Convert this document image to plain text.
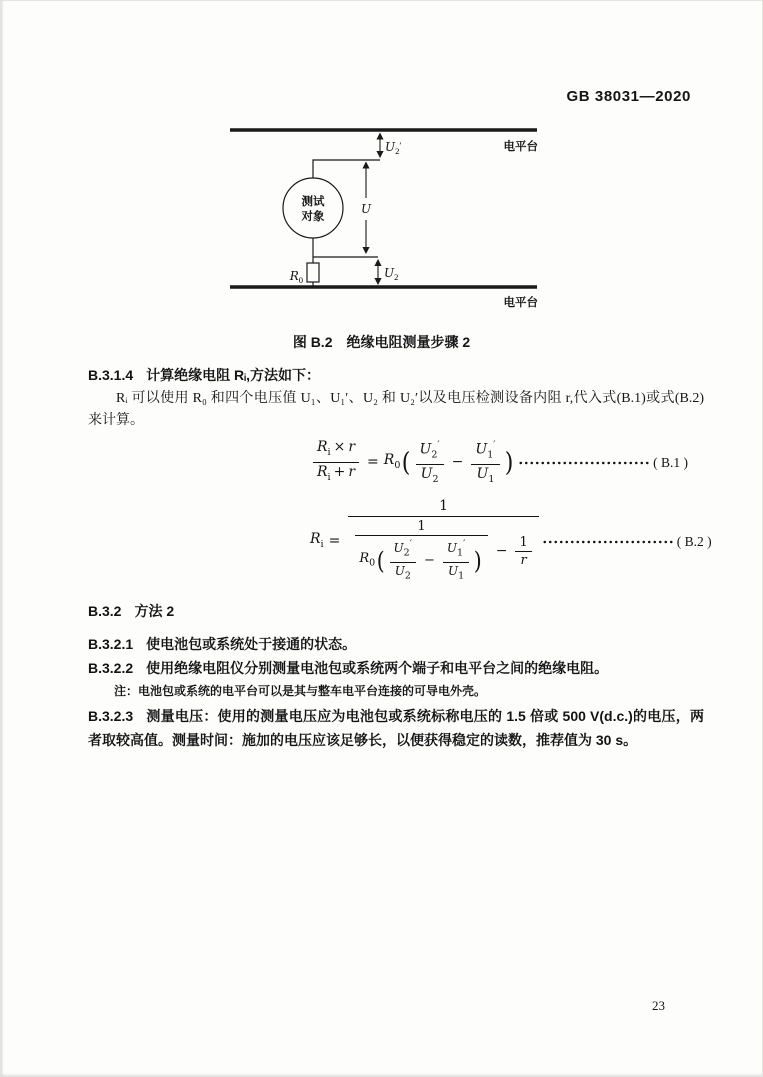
GB 38031—2020
测试
对象
R0
U2′
U
U2
电平台
电平台
图 B.2   绝缘电阻测量步骤 2

B.3.1.4 计算绝缘电阻 Rᵢ,方法如下：

Rᵢ 可以使用 R₀ 和四个电压值 U₁、U₁′、U₂ 和 U₂′以及电压检测设备内阻 r,代入式(B.1)或式(B.2)来计算。

$\frac{R_i \times r}{R_i + r} = R_0$ ( $\frac{U_2'}{U_2} - \frac{U_1'}{U_1}$ )	( B.1 )
$R_i$ =
1
1
$R_0$ ( $\frac{U_2'}{U_2} - \frac{U_1'}{U_1}$ ) − $\frac{1}{r}$	( B.2 )

B.3.2 方法 2

B.3.2.1 使电池包或系统处于接通的状态。

B.3.2.2 使用绝缘电阻仪分别测量电池包或系统两个端子和电平台之间的绝缘电阻。

注：电池包或系统的电平台可以是其与整车电平台连接的可导电外壳。

B.3.2.3 测量电压：使用的测量电压应为电池包或系统标称电压的 1.5 倍或 500 V(d.c.)的电压，两者取较高值。测量时间：施加的电压应该足够长，以便获得稳定的读数，推荐值为 30 s。

23
